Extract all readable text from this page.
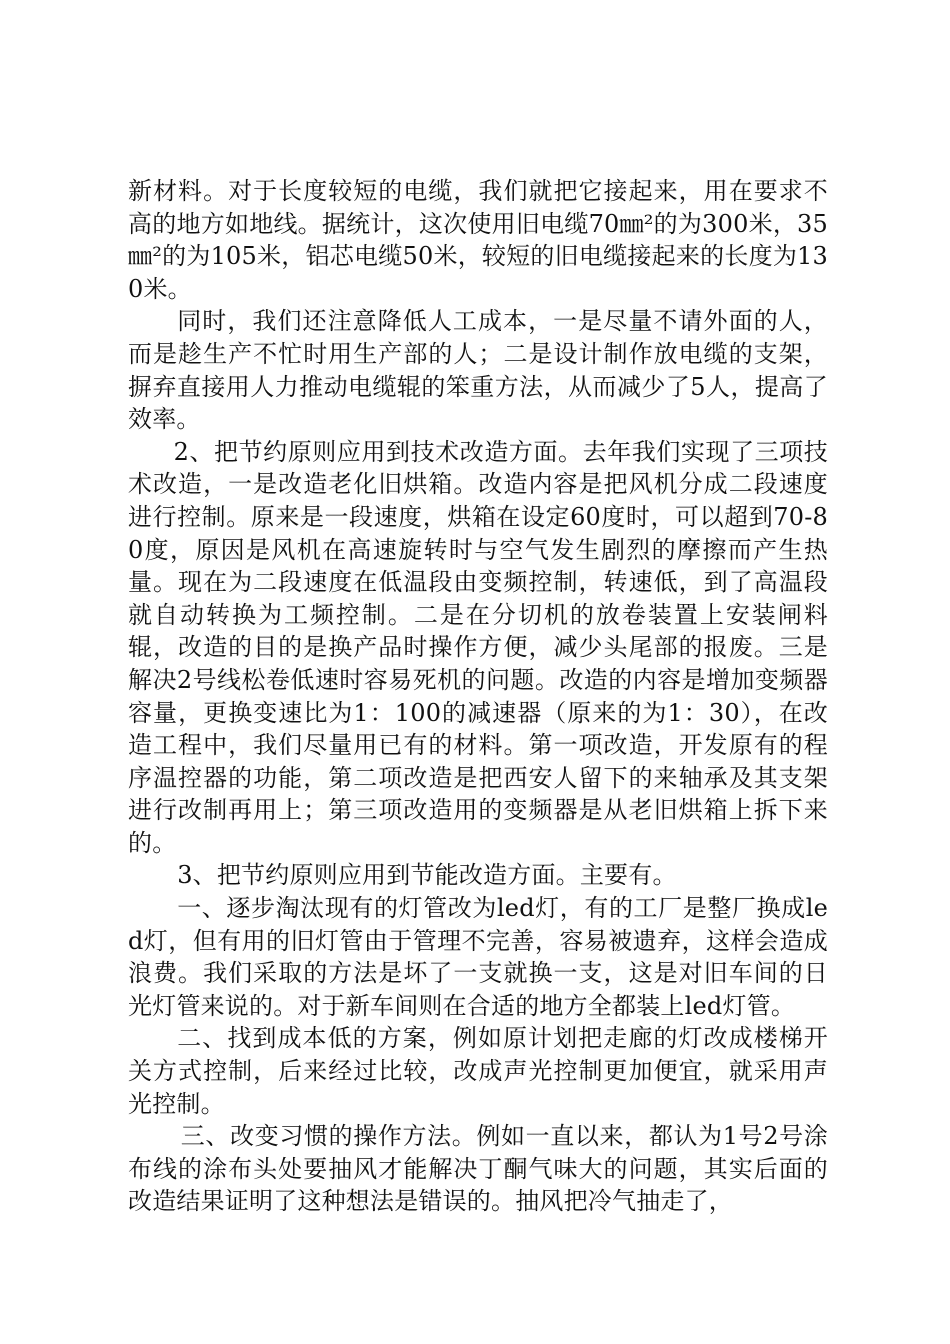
新材料。对于长度较短的电缆，我们就把它接起来，用在要求不高的地方如地线。据统计，这次使用旧电缆70㎜²的为300米，35㎜²的为105米，铝芯电缆50米，较短的旧电缆接起来的长度为130米。

同时，我们还注意降低人工成本，一是尽量不请外面的人，而是趁生产不忙时用生产部的人；二是设计制作放电缆的支架，摒弃直接用人力推动电缆辊的笨重方法，从而减少了5人，提高了效率。

2、把节约原则应用到技术改造方面。去年我们实现了三项技术改造，一是改造老化旧烘箱。改造内容是把风机分成二段速度进行控制。原来是一段速度，烘箱在设定60度时，可以超到70-80度，原因是风机在高速旋转时与空气发生剧烈的摩擦而产生热量。现在为二段速度在低温段由变频控制，转速低，到了高温段就自动转换为工频控制。二是在分切机的放卷装置上安装闸料辊，改造的目的是换产品时操作方便，减少头尾部的报废。三是解决2号线松卷低速时容易死机的问题。改造的内容是增加变频器容量，更换变速比为1：100的减速器（原来的为1：30），在改造工程中，我们尽量用已有的材料。第一项改造，开发原有的程序温控器的功能，第二项改造是把西安人留下的来轴承及其支架进行改制再用上；第三项改造用的变频器是从老旧烘箱上拆下来的。

3、把节约原则应用到节能改造方面。主要有。

一、逐步淘汰现有的灯管改为led灯，有的工厂是整厂换成led灯，但有用的旧灯管由于管理不完善，容易被遗弃，这样会造成浪费。我们采取的方法是坏了一支就换一支，这是对旧车间的日光灯管来说的。对于新车间则在合适的地方全都装上led灯管。

二、找到成本低的方案，例如原计划把走廊的灯改成楼梯开关方式控制，后来经过比较，改成声光控制更加便宜，就采用声光控制。

三、改变习惯的操作方法。例如一直以来，都认为1号2号涂布线的涂布头处要抽风才能解决丁酮气味大的问题，其实后面的改造结果证明了这种想法是错误的。抽风把冷气抽走了，
